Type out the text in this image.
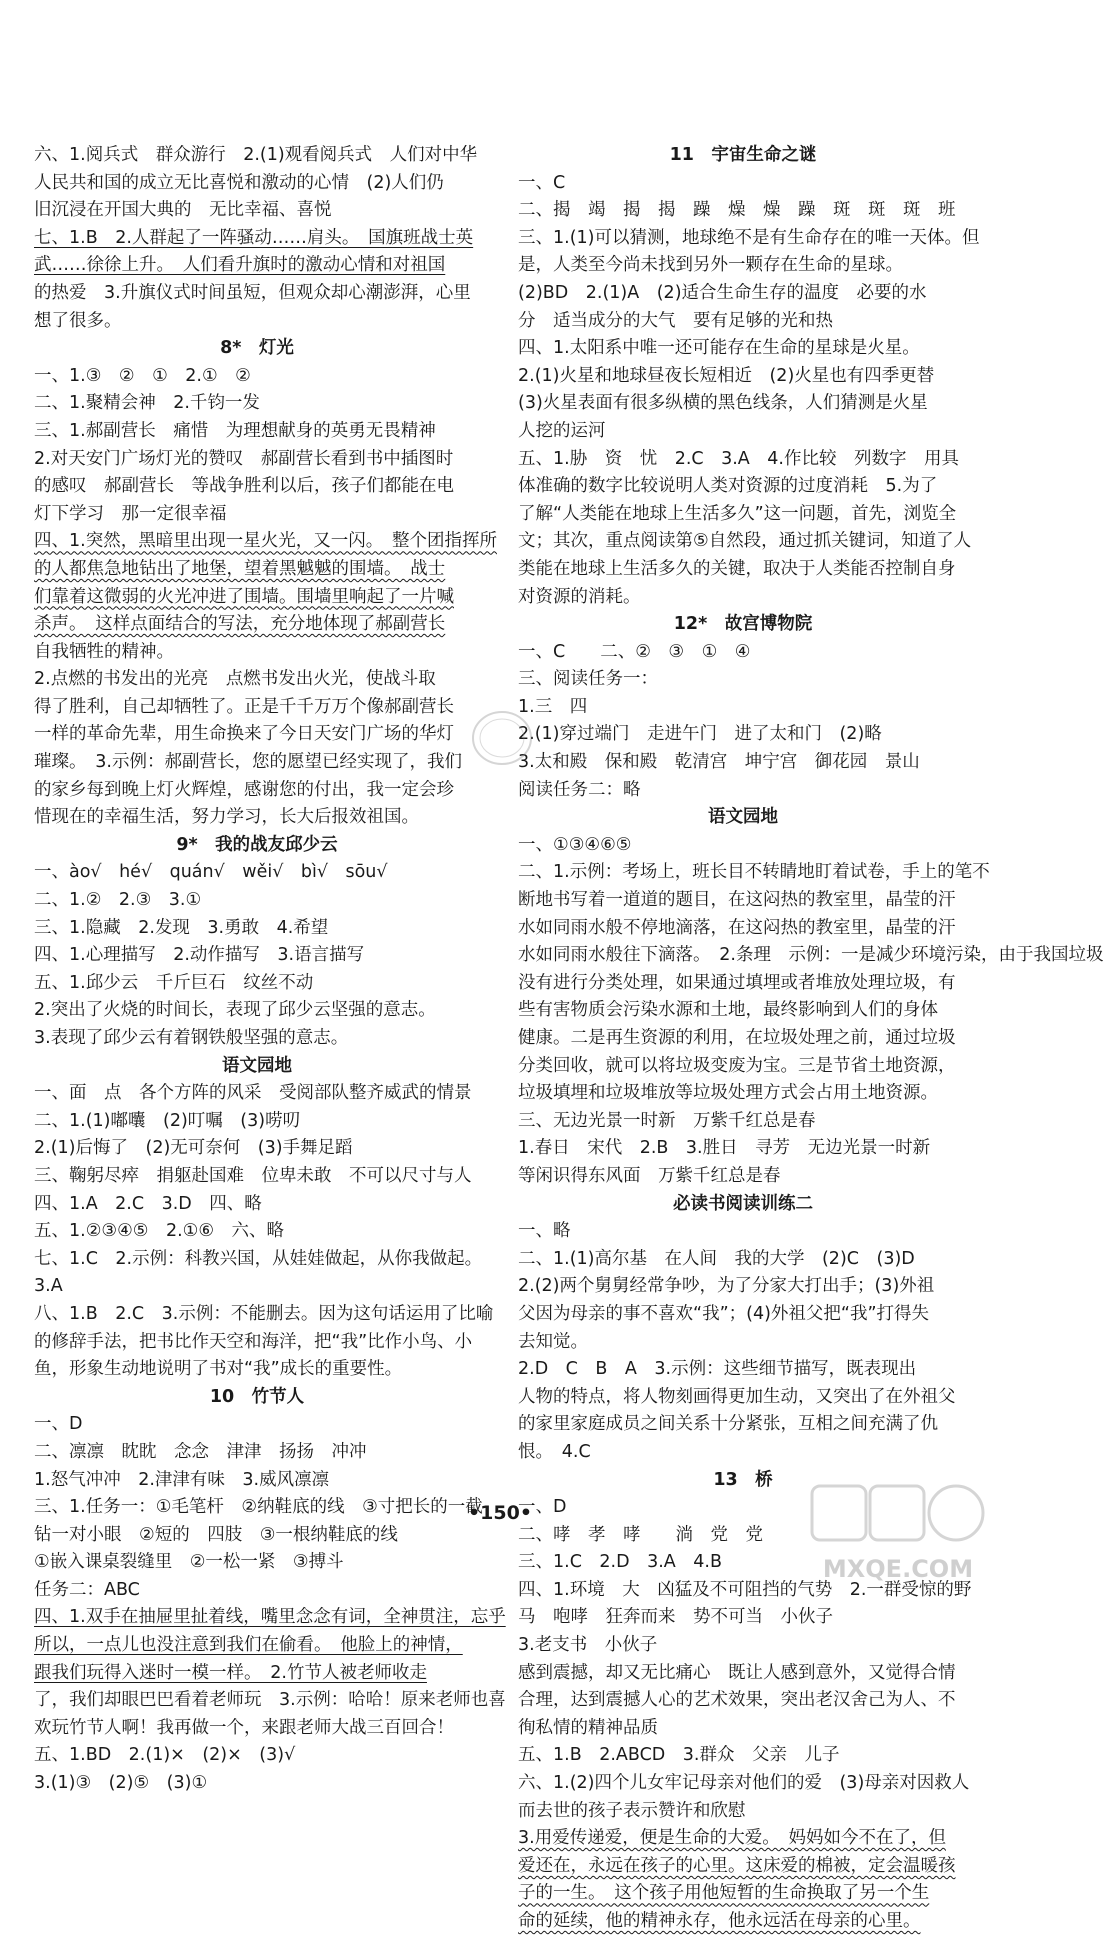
六、1.阅兵式　群众游行　2.(1)观看阅兵式　人们对中华
人民共和国的成立无比喜悦和激动的心情　(2)人们仍
旧沉浸在开国大典的　无比幸福、喜悦
七、1.B　2.人群起了一阵骚动……肩头。　国旗班战士英
武……徐徐上升。　人们看升旗时的激动心情和对祖国
的热爱　3.升旗仪式时间虽短，但观众却心潮澎湃，心里
想了很多。
8*　灯光
一、1.③　②　①　2.①　②
二、1.聚精会神　2.千钧一发
三、1.郝副营长　痛惜　为理想献身的英勇无畏精神
2.对天安门广场灯光的赞叹　郝副营长看到书中插图时
的感叹　郝副营长　等战争胜利以后，孩子们都能在电
灯下学习　那一定很幸福
四、1.突然，黑暗里出现一星火光，又一闪。　整个团指挥所
的人都焦急地钻出了地堡，望着黑魆魆的围墙。　战士
们靠着这微弱的火光冲进了围墙。围墙里响起了一片喊
杀声。　这样点面结合的写法，充分地体现了郝副营长
自我牺牲的精神。
2.点燃的书发出的光亮　点燃书发出火光，使战斗取
得了胜利，自己却牺牲了。正是千千万万个像郝副营长
一样的革命先辈，用生命换来了今日天安门广场的华灯
璀璨。　3.示例：郝副营长，您的愿望已经实现了，我们
的家乡每到晚上灯火辉煌，感谢您的付出，我一定会珍
惜现在的幸福生活，努力学习，长大后报效祖国。
9*　我的战友邱少云
一、ào√　hé√　quán√　wěi√　bì√　sōu√
二、1.②　2.③　3.①
三、1.隐藏　2.发现　3.勇敢　4.希望
四、1.心理描写　2.动作描写　3.语言描写
五、1.邱少云　千斤巨石　纹丝不动
2.突出了火烧的时间长，表现了邱少云坚强的意志。
3.表现了邱少云有着钢铁般坚强的意志。
语文园地
一、面　点　各个方阵的风采　受阅部队整齐威武的情景
二、1.(1)嘟囔　(2)叮嘱　(3)唠叨
2.(1)后悔了　(2)无可奈何　(3)手舞足蹈
三、鞠躬尽瘁　捐躯赴国难　位卑未敢　不可以尺寸与人
四、1.A　2.C　3.D　四、略
五、1.②③④⑤　2.①⑥　六、略
七、1.C　2.示例：科教兴国，从娃娃做起，从你我做起。
3.A
八、1.B　2.C　3.示例：不能删去。因为这句话运用了比喻
的修辞手法，把书比作天空和海洋，把“我”比作小鸟、小
鱼，形象生动地说明了书对“我”成长的重要性。
10　竹节人
一、D
二、凛凛　眈眈　念念　津津　扬扬　冲冲
1.怒气冲冲　2.津津有味　3.威风凛凛
三、1.任务一：①毛笔杆　②纳鞋底的线　③寸把长的一截
钻一对小眼　②短的　四肢　③一根纳鞋底的线
①嵌入课桌裂缝里　②一松一紧　③搏斗
任务二：ABC
四、1.双手在抽屉里扯着线，嘴里念念有词，全神贯注，忘乎
所以，一点儿也没注意到我们在偷看。　他脸上的神情，
跟我们玩得入迷时一模一样。　2.竹节人被老师收走
了，我们却眼巴巴看着老师玩　3.示例：哈哈！原来老师也喜
欢玩竹节人啊！我再做一个，来跟老师大战三百回合！
五、1.BD　2.(1)×　(2)×　(3)√
3.(1)③　(2)⑤　(3)①
11　宇宙生命之谜
一、C
二、揭　竭　揭　揭　躁　燥　燥　躁　斑　斑　斑　班
三、1.(1)可以猜测，地球绝不是有生命存在的唯一天体。但
是，人类至今尚未找到另外一颗存在生命的星球。
(2)BD　2.(1)A　(2)适合生命生存的温度　必要的水
分　适当成分的大气　要有足够的光和热
四、1.太阳系中唯一还可能存在生命的星球是火星。
2.(1)火星和地球昼夜长短相近　(2)火星也有四季更替
(3)火星表面有很多纵横的黑色线条，人们猜测是火星
人挖的运河
五、1.胁　资　忧　2.C　3.A　4.作比较　列数字　用具
体准确的数字比较说明人类对资源的过度消耗　5.为了
了解“人类能在地球上生活多久”这一问题，首先，浏览全
文；其次，重点阅读第⑤自然段，通过抓关键词，知道了人
类能在地球上生活多久的关键，取决于人类能否控制自身
对资源的消耗。
12*　故宫博物院
一、C　　二、②　③　①　④
三、阅读任务一：
1.三　四
2.(1)穿过端门　走进午门　进了太和门　(2)略
3.太和殿　保和殿　乾清宫　坤宁宫　御花园　景山
阅读任务二：略
语文园地
一、①③④⑥⑤
二、1.示例：考场上，班长目不转睛地盯着试卷，手上的笔不
断地书写着一道道的题目，在这闷热的教室里，晶莹的汗
水如同雨水般不停地滴落，在这闷热的教室里，晶莹的汗
水如同雨水般往下滴落。　2.条理　示例：一是减少环境污染，由于我国垃圾
没有进行分类处理，如果通过填埋或者堆放处理垃圾，有
些有害物质会污染水源和土地，最终影响到人们的身体
健康。二是再生资源的利用，在垃圾处理之前，通过垃圾
分类回收，就可以将垃圾变废为宝。三是节省土地资源，
垃圾填埋和垃圾堆放等垃圾处理方式会占用土地资源。
三、无边光景一时新　万紫千红总是春
1.春日　宋代　2.B　3.胜日　寻芳　无边光景一时新
等闲识得东风面　万紫千红总是春
必读书阅读训练二
一、略
二、1.(1)高尔基　在人间　我的大学　(2)C　(3)D
2.(2)两个舅舅经常争吵，为了分家大打出手；(3)外祖
父因为母亲的事不喜欢“我”；(4)外祖父把“我”打得失
去知觉。
2.D　C　B　A　3.示例：这些细节描写，既表现出
人物的特点，将人物刻画得更加生动，又突出了在外祖父
的家里家庭成员之间关系十分紧张，互相之间充满了仇
恨。　4.C
13　桥
一、D
二、哮　孝　哮　　淌　党　党
三、1.C　2.D　3.A　4.B
四、1.环境　大　凶猛及不可阻挡的气势　2.一群受惊的野
马　咆哮　狂奔而来　势不可当　小伙子
3.老支书　小伙子
感到震撼，却又无比痛心　既让人感到意外，又觉得合情
合理，达到震撼人心的艺术效果，突出老汉舍己为人、不
徇私情的精神品质
五、1.B　2.ABCD　3.群众　父亲　儿子
六、1.(2)四个儿女牢记母亲对他们的爱　(3)母亲对因救人
而去世的孩子表示赞许和欣慰
3.用爱传递爱，便是生命的大爱。　妈妈如今不在了，但
爱还在，永远在孩子的心里。这床爱的棉被，定会温暖孩
子的一生。　这个孩子用他短暂的生命换取了另一个生
命的延续，他的精神永存，他永远活在母亲的心里。
•150•
MXQE.COM
